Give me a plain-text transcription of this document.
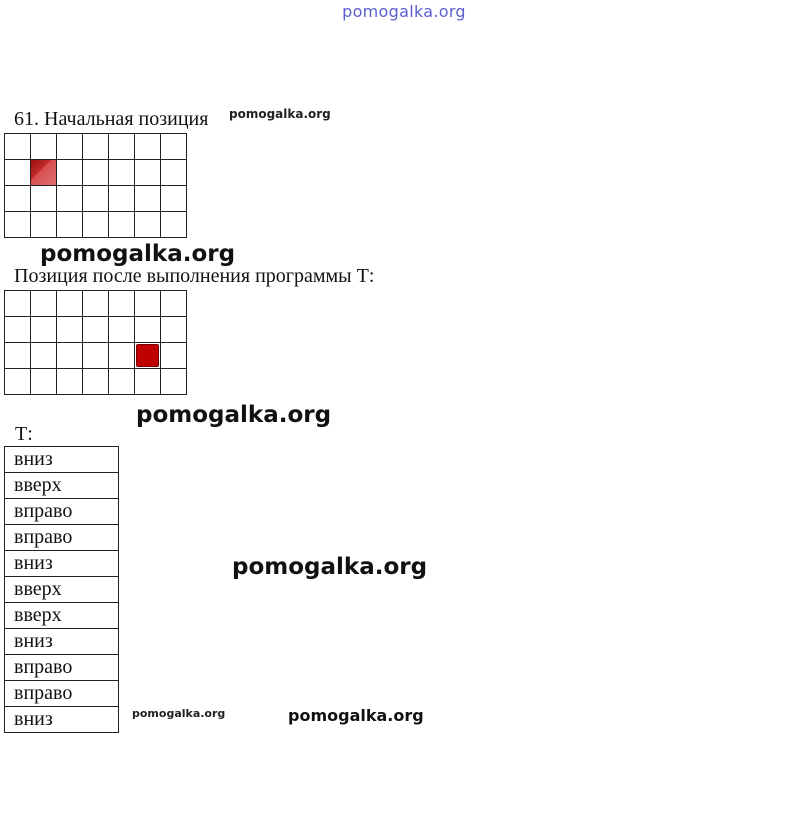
pomogalka.org
61. Начальная позиция pomogalka.org
pomogalka.org
Позиция после выполнения программы Т:
pomogalka.org
Т:
вниз
вверх
вправо
вправо
вниз
вверх
вверх
вниз
вправо
вправо
вниз
pomogalka.org
pomogalka.org	pomogalka.org
